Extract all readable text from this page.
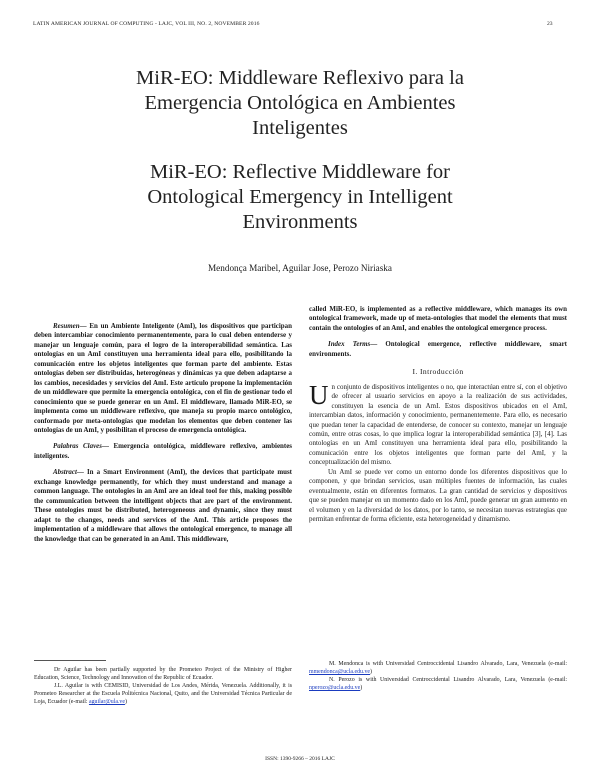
LATIN AMERICAN JOURNAL OF COMPUTING - LAJC, VOL III, NO. 2, NOVEMBER 2016	23
MiR-EO: Middleware Reflexivo para la
Emergencia Ontológica en Ambientes
Inteligentes
MiR-EO: Reflective Middleware for
Ontological Emergency in Intelligent
Environments
Mendonça Maribel, Aguilar Jose, Perozo Niriaska

Resumen— En un Ambiente Inteligente (AmI), los dispositivos que participan deben intercambiar conocimiento permanentemente, para lo cual deben entenderse y manejar un lenguaje común, para el logro de la interoperabilidad semántica. Las ontologías en un AmI constituyen una herramienta ideal para ello, posibilitando la comunicación entre los objetos inteligentes que forman parte del ambiente. Estas ontologías deben ser distribuidas, heterogéneas y dinámicas ya que deben adaptarse a los cambios, necesidades y servicios del AmI. Este artículo propone la implementación de un middleware que permite la emergencia ontológica, con el fin de gestionar todo el conocimiento que se puede generar en un AmI. El middleware, llamado MiR-EO, se implementa como un middleware reflexivo, que maneja su propio marco ontológico, conformado por meta-ontologías que modelan los elementos que deben contener las ontologías de un AmI, y posibilitan el proceso de emergencia ontológica.

Palabras Claves— Emergencia ontológica, middleware reflexivo, ambientes inteligentes.

Abstract— In a Smart Environment (AmI), the devices that participate must exchange knowledge permanently, for which they must understand and manage a common language. The ontologies in an AmI are an ideal tool for this, making possible the communication between the intelligent objects that are part of the environment. These ontologies must be distributed, heterogeneous and dynamic, since they must adapt to the changes, needs and services of the AmI. This article proposes the implementation of a middleware that allows the ontological emergence, to manage all the knowledge that can be generated in an AmI. This middleware,

called MiR-EO, is implemented as a reflective middleware, which manages its own ontological framework, made up of meta-ontologies that model the elements that must contain the ontologies of an AmI, and enables the ontological emergence process.

Index Terms— Ontological emergence, reflective middleware, smart environments.

I. Introducción

Un conjunto de dispositivos inteligentes o no, que interactúan entre sí, con el objetivo de ofrecer al usuario servicios en apoyo a la realización de sus actividades, constituyen la esencia de un AmI. Estos dispositivos ubicados en el AmI, intercambian datos, información y conocimiento, permanentemente. Para ello, es necesario que puedan tener la capacidad de entenderse, de conocer su contexto, manejar un lenguaje común, entre otras cosas, lo que implica lograr la interoperabilidad semántica [3], [4]. Las ontologías en un AmI constituyen una herramienta ideal para ello, posibilitando la comunicación entre los objetos inteligentes que forman parte del AmI, y la conceptualización del mismo.

Un AmI se puede ver como un entorno donde los diferentes dispositivos que lo componen, y que brindan servicios, usan múltiples fuentes de información, las cuales eventualmente, están en diferentes formatos. La gran cantidad de servicios y dispositivos que se pueden manejar en un momento dado en los AmI, puede generar un gran aumento en el volumen y en la diversidad de los datos, por lo tanto, se necesitan nuevas estrategias que permitan enfrentar de forma eficiente, esta heterogeneidad y dinamismo.

Dr Aguilar has been partially supported by the Prometeo Project of the Ministry of Higher Education, Science, Technology and Innovation of the Republic of Ecuador.

J.L. Aguilar is with CEMISID, Universidad de Los Andes, Mérida, Venezuela. Additionally, it is Prometeo Researcher at the Escuela Politécnica Nacional, Quito, and the Universidad Técnica Particular de Loja, Ecuador (e-mail: aguilar@ula.ve)

M. Mendonca is with Universidad Centroccidental Lisandro Alvarado, Lara, Venezuela (e-mail: mmendonca@ucla.edu.ve)

N. Perozo is with Universidad Centroccidental Lisandro Alvarado, Lara, Venezuela (e-mail: nperozo@ucla.edu.ve)

ISSN: 1390-9266 – 2016 LAJC
